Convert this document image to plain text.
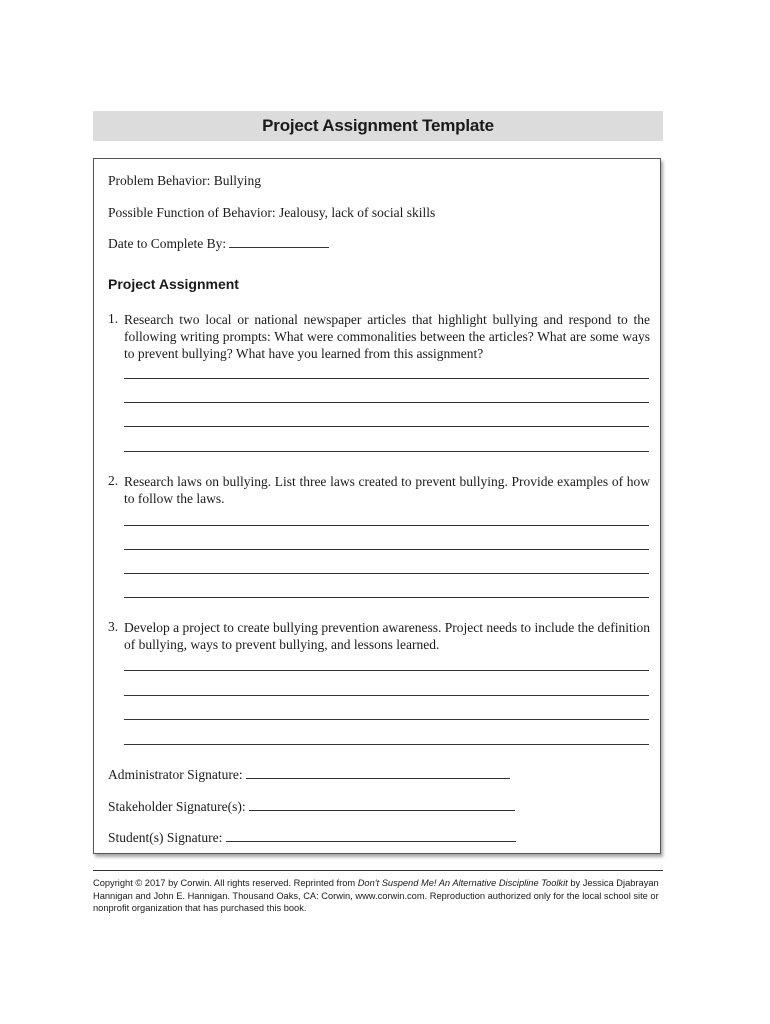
Project Assignment Template
Problem Behavior: Bullying
Possible Function of Behavior: Jealousy, lack of social skills
Date to Complete By:
Project Assignment
1. Research two local or national newspaper articles that highlight bullying and respond to the following writing prompts: What were commonalities between the articles? What are some ways to prevent bullying? What have you learned from this assignment?
2. Research laws on bullying. List three laws created to prevent bullying. Provide examples of how to follow the laws.
3. Develop a project to create bullying prevention awareness. Project needs to include the definition of bullying, ways to prevent bullying, and lessons learned.
Administrator Signature:
Stakeholder Signature(s):
Student(s) Signature:
Copyright © 2017 by Corwin. All rights reserved. Reprinted from Don't Suspend Me! An Alternative Discipline Toolkit by Jessica Djabrayan Hannigan and John E. Hannigan. Thousand Oaks, CA: Corwin, www.corwin.com. Reproduction authorized only for the local school site or nonprofit organization that has purchased this book.
